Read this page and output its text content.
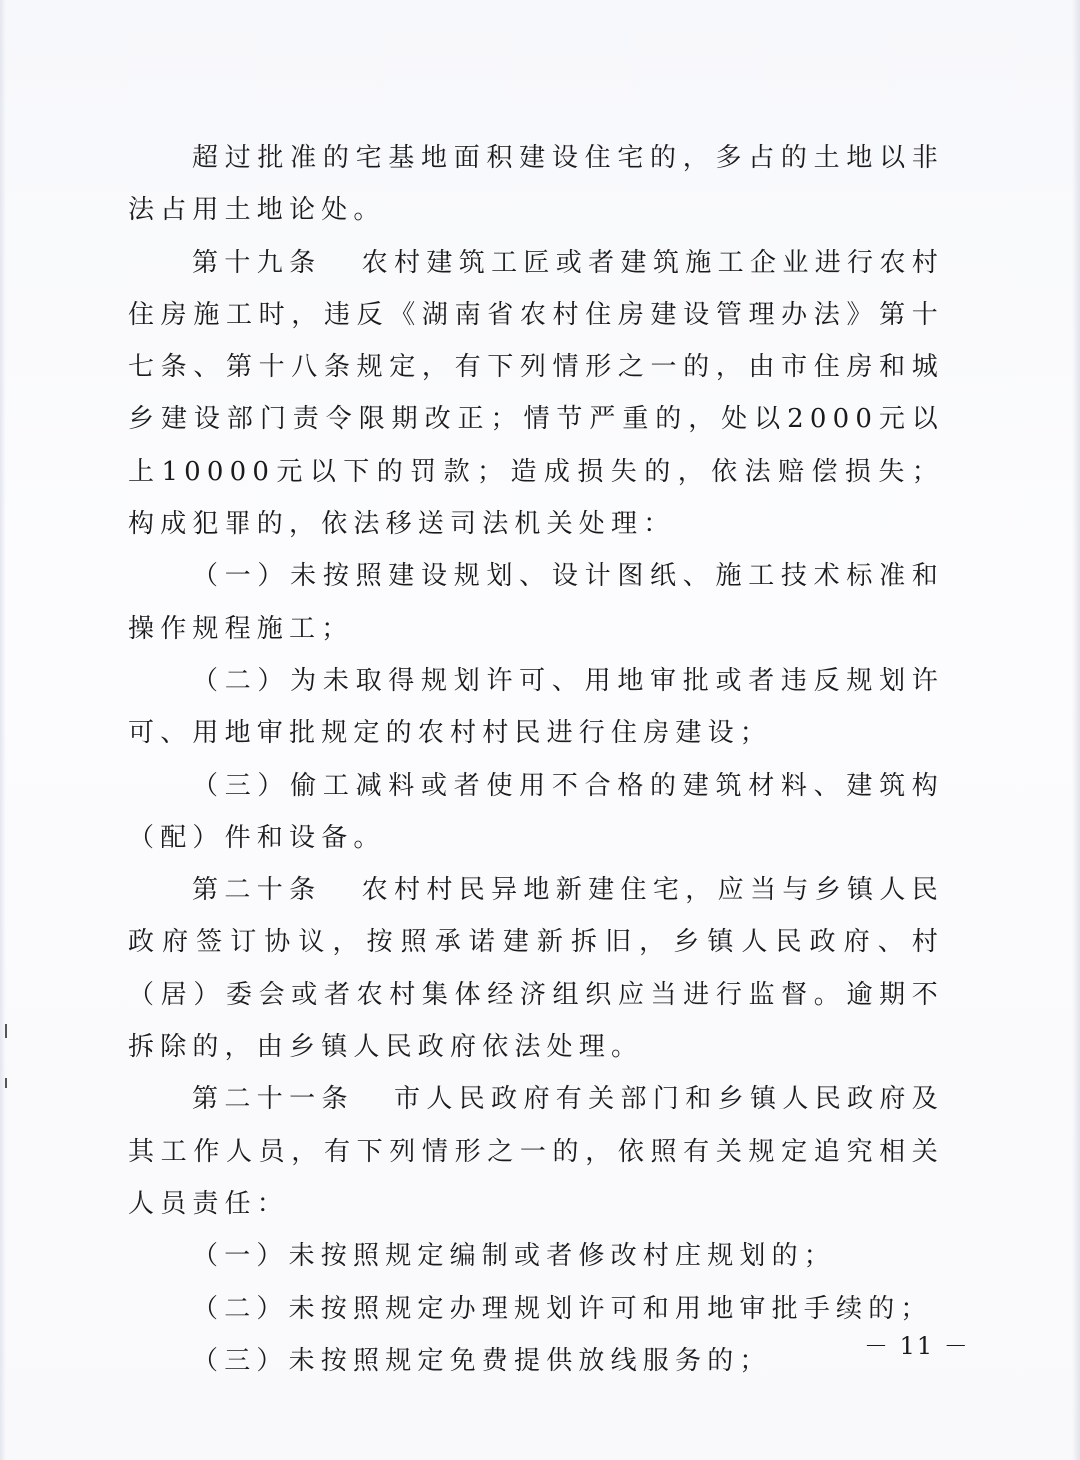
超过批准的宅基地面积建设住宅的，多占的土地以非法占用土地论处。

第十九条 农村建筑工匠或者建筑施工企业进行农村住房施工时，违反《湖南省农村住房建设管理办法》第十七条、第十八条规定，有下列情形之一的，由市住房和城乡建设部门责令限期改正；情节严重的，处以2000元以上10000元以下的罚款；造成损失的，依法赔偿损失；构成犯罪的，依法移送司法机关处理：

（一）未按照建设规划、设计图纸、施工技术标准和操作规程施工；

（二）为未取得规划许可、用地审批或者违反规划许可、用地审批规定的农村村民进行住房建设；

（三）偷工减料或者使用不合格的建筑材料、建筑构（配）件和设备。

第二十条 农村村民异地新建住宅，应当与乡镇人民政府签订协议，按照承诺建新拆旧，乡镇人民政府、村（居）委会或者农村集体经济组织应当进行监督。逾期不拆除的，由乡镇人民政府依法处理。

第二十一条 市人民政府有关部门和乡镇人民政府及其工作人员，有下列情形之一的，依照有关规定追究相关人员责任：

（一）未按照规定编制或者修改村庄规划的；

（二）未按照规定办理规划许可和用地审批手续的；

（三）未按照规定免费提供放线服务的；	－ 11 －
